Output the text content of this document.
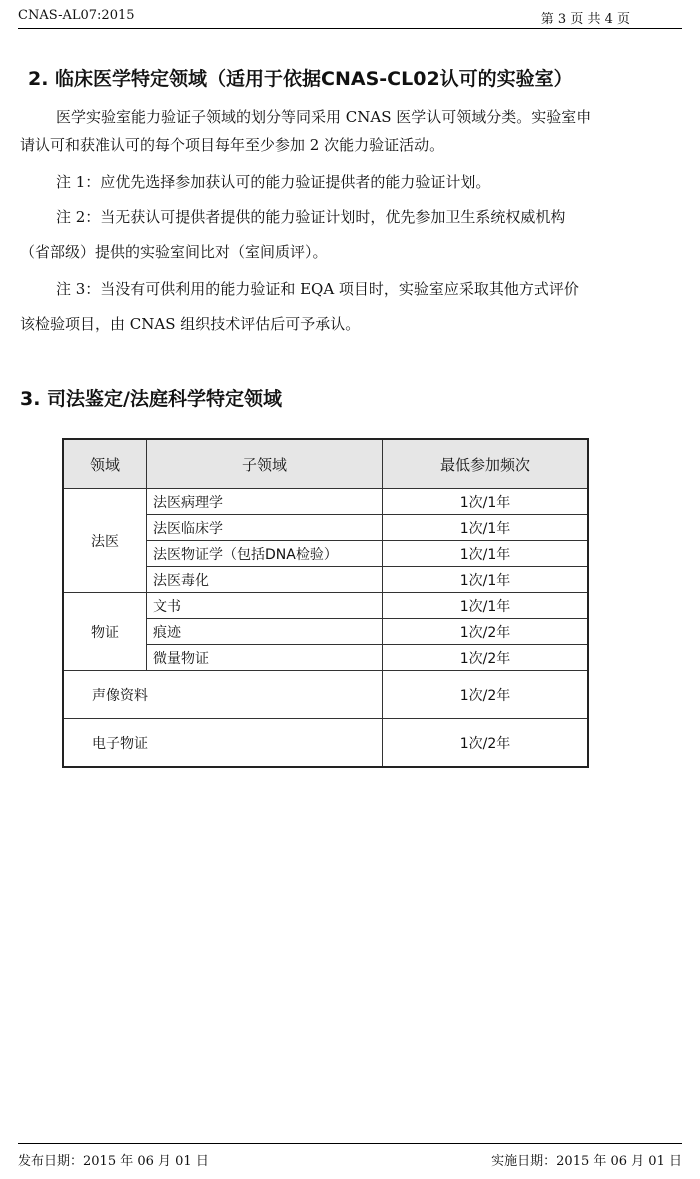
CNAS-AL07:2015	第 3 页 共 4 页
2. 临床医学特定领域（适用于依据CNAS-CL02认可的实验室）
医学实验室能力验证子领域的划分等同采用 CNAS 医学认可领域分类。实验室申
请认可和获准认可的每个项目每年至少参加 2 次能力验证活动。
注 1：应优先选择参加获认可的能力验证提供者的能力验证计划。
注 2：当无获认可提供者提供的能力验证计划时，优先参加卫生系统权威机构
（省部级）提供的实验室间比对（室间质评）。
注 3：当没有可供利用的能力验证和 EQA 项目时，实验室应采取其他方式评价
该检验项目，由 CNAS 组织技术评估后可予承认。
3. 司法鉴定/法庭科学特定领域
领域	子领域	最低参加频次
法医	法医病理学	1次/1年
	法医临床学	1次/1年
	法医物证学（包括DNA检验）	1次/1年
	法医毒化	1次/1年
物证	文书	1次/1年
	痕迹	1次/2年
	微量物证	1次/2年
声像资料		1次/2年
电子物证		1次/2年
发布日期：2015 年 06 月 01 日	实施日期：2015 年 06 月 01 日
